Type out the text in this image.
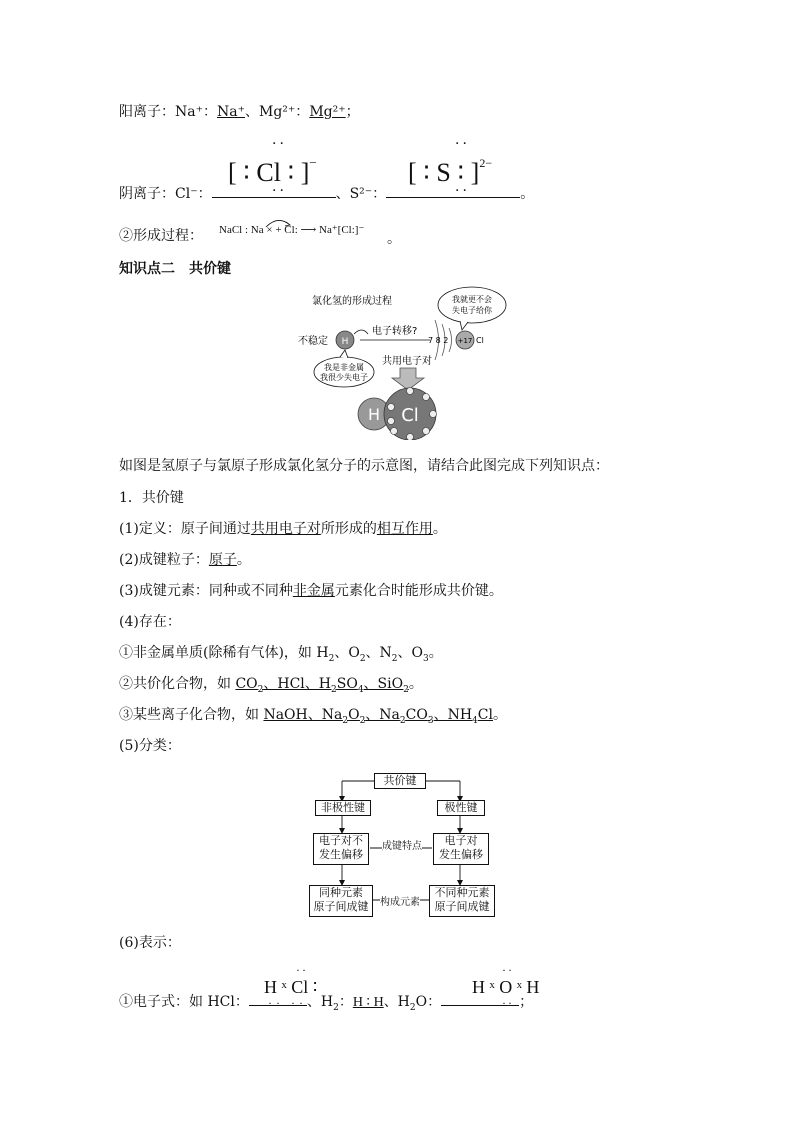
阳离子：Na⁺：Na⁺、Mg²⁺：Mg²⁺；
··
[ ∶ Cl ∶ ]−
··
··
[ ∶ S ∶ ]$^{2-}$
··
阴离子：Cl⁻：	、S²⁻：	。
②形成过程： NaCl : Na × + Cl: ⟶ Na⁺[Cl:]⁻
。
知识点二　共价键
氯化氢的形成过程	我就更不会
失电子给你
不稳定 H
电子转移?
7 8 2 +17 Cl
我是非金属
我很少失电子
共用电子对
H Cl
如图是氢原子与氯原子形成氯化氢分子的示意图，请结合此图完成下列知识点：
1．共价键
(1)定义：原子间通过共用电子对所形成的相互作用。
(2)成键粒子：原子。
(3)成键元素：同种或不同种非金属元素化合时能形成共价键。
(4)存在：
①非金属单质(除稀有气体)，如 $H_2$、$O_2$、$N_2$、$O_3$。
②共价化合物，如 $CO_2$、HCl、$H_2SO_4$、SiO$_2$。
③某些离子化合物，如 NaOH、$Na_2O_2$、$Na_2CO_3$、$NH_4Cl$。
(5)分类：
共价键
非极性键	极性键
电子对不
发生偏移
电子对
发生偏移
成键特点
同种元素
原子间成键
不同种元素
原子间成键
构成元素
(6)表示：
··
H ˣ Cl ∶
·· ··
··
H ˣ O ˣ H
··
①电子式：如 HCl：	、$H_2$：H ∶ H、$H_2O$：	；
